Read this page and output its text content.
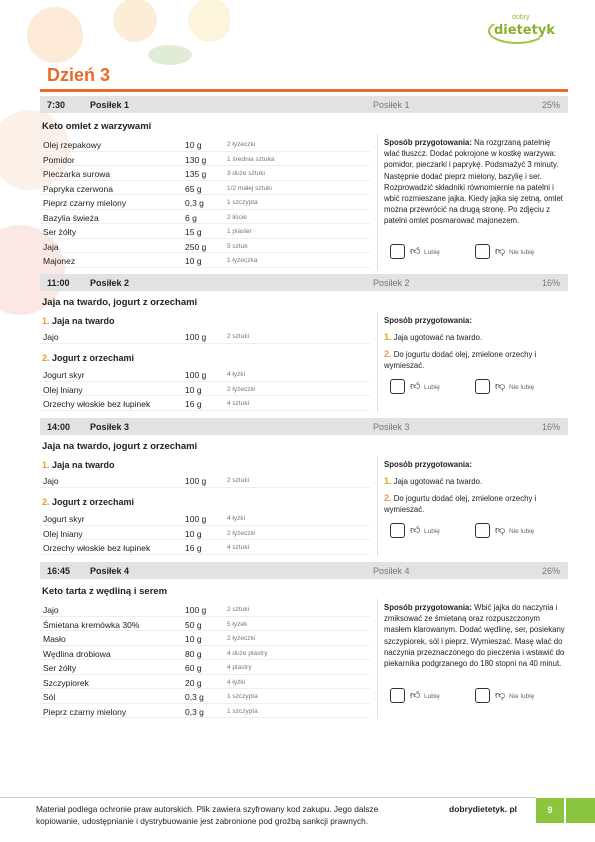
dobry
dietetyk
Dzień 3
7:30	Posiłek 1	Posiłek 1	25%
Keto omlet z warzywami
Olej rzepakowy	10 g	2 łyżeczki
Pomidor	130 g	1 średnia sztuka
Pieczarka surowa	135 g	3 duże sztuki
Papryka czerwona	65 g	1/2 małej sztuki
Pieprz czarny mielony	0,3 g	1 szczypta
Bazylia świeża	6 g	2 liście
Ser żółty	15 g	1 plaster
Jaja	250 g	5 sztuk
Majonez	10 g	1 łyżeczka
Sposób przygotowania: Na rozgrzaną patelnię wlać tłuszcz. Dodać pokrojone w kostkę warzywa: pomidor, pieczarki i paprykę. Podsmażyć 3 minuty. Następnie dodać pieprz mielony, bazylię i ser. Rozprowadzić składniki równomiernie na patelni i wbić rozmieszane jajka. Kiedy jajka się zetną, omlet można przewrócić na drugą stronę. Po zdjęciu z patelni omlet posmarować majonezem.
👍︎ Lubię	👎︎ Nie lubię
11:00 Posiłek 2	Posiłek 2	16%
Jaja na twardo, jogurt z orzechami
1. Jaja na twardo
Jajo	100 g	2 sztuki
2. Jogurt z orzechami
Jogurt skyr	100 g	4 łyżki
Olej lniany	10 g	2 łyżeczki
Orzechy włoskie bez łupinek	16 g	4 sztuki
Sposób przygotowania:
1. Jaja ugotować na twardo.
2. Do jogurtu dodać olej, zmielone orzechy i wymieszać.
👍︎ Lubię	👎︎ Nie lubię
14:00 Posiłek 3	Posiłek 3	16%
Jaja na twardo, jogurt z orzechami
1. Jaja na twardo
Jajo	100 g	2 sztuki
2. Jogurt z orzechami
Jogurt skyr	100 g	4 łyżki
Olej lniany	10 g	2 łyżeczki
Orzechy włoskie bez łupinek	16 g	4 sztuki
Sposób przygotowania:
1. Jaja ugotować na twardo.
2. Do jogurtu dodać olej, zmielone orzechy i wymieszać.
👍︎ Lubię	👎︎ Nie lubię
16:45 Posiłek 4	Posiłek 4	26%
Keto tarta z wędliną i serem
Jajo	100 g	2 sztuki
Śmietana kremówka 30%	50 g	5 łyżek
Masło	10 g	2 łyżeczki
Wędlina drobiowa	80 g	4 duże plastry
Ser żółty	60 g	4 plastry
Szczypiorek	20 g	4 łyżki
Sól	0,3 g	1 szczypta
Pieprz czarny mielony	0,3 g	1 szczypta
Sposób przygotowania: Wbić jajka do naczynia i zmiksować ze śmietaną oraz rozpuszczonym masłem klarowanym. Dodać wędlinę, ser, posiekany szczypiorek, sól i pieprz. Wymieszać. Masę wlać do naczynia przeznaczonego do pieczenia i wstawić do piekarnika podgrzanego do 180 stopni na 40 minut.
👍︎ Lubię	👎︎ Nie lubię
Materiał podlega ochronie praw autorskich. Plik zawiera szyfrowany kod zakupu. Jego dalsze kopiowanie, udostępnianie i dystrybuowanie jest zabronione pod groźbą sankcji prawnych.
dobrydietetyk. pl	9
